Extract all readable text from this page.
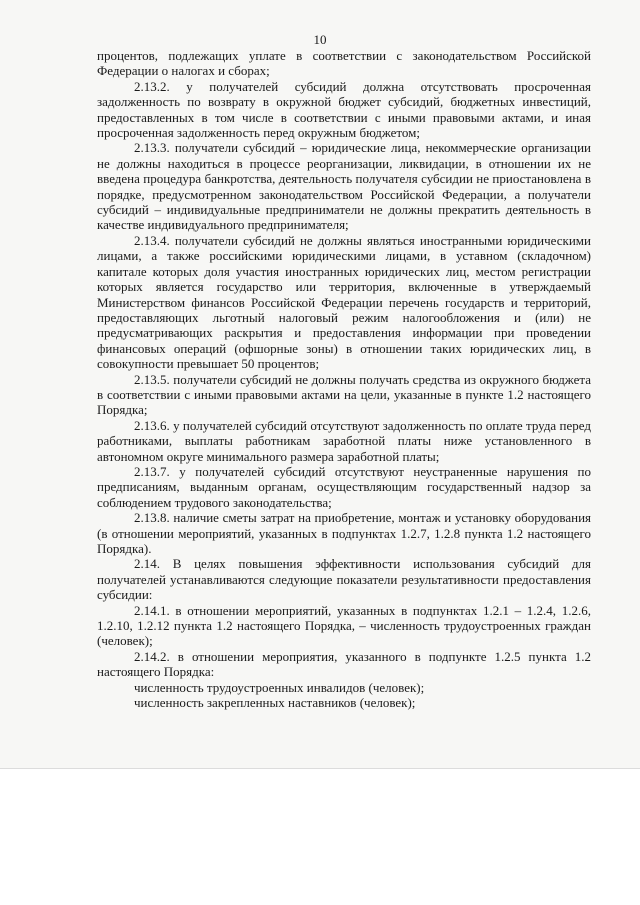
10

процентов, подлежащих уплате в соответствии с законодательством Российской Федерации о налогах и сборах;

2.13.2. у получателей субсидий должна отсутствовать просроченная задолженность по возврату в окружной бюджет субсидий, бюджетных инвестиций, предоставленных в том числе в соответствии с иными правовыми актами, и иная просроченная задолженность перед окружным бюджетом;

2.13.3. получатели субсидий – юридические лица, некоммерческие организации не должны находиться в процессе реорганизации, ликвидации, в отношении их не введена процедура банкротства, деятельность получателя субсидии не приостановлена в порядке, предусмотренном законодательством Российской Федерации, а получатели субсидий – индивидуальные предприниматели не должны прекратить деятельность в качестве индивидуального предпринимателя;

2.13.4. получатели субсидий не должны являться иностранными юридическими лицами, а также российскими юридическими лицами, в уставном (складочном) капитале которых доля участия иностранных юридических лиц, местом регистрации которых является государство или территория, включенные в утверждаемый Министерством финансов Российской Федерации перечень государств и территорий, предоставляющих льготный налоговый режим налогообложения и (или) не предусматривающих раскрытия и предоставления информации при проведении финансовых операций (офшорные зоны) в отношении таких юридических лиц, в совокупности превышает 50 процентов;

2.13.5. получатели субсидий не должны получать средства из окружного бюджета в соответствии с иными правовыми актами на цели, указанные в пункте 1.2 настоящего Порядка;

2.13.6. у получателей субсидий отсутствуют задолженность по оплате труда перед работниками, выплаты работникам заработной платы ниже установленного в автономном округе минимального размера заработной платы;

2.13.7. у получателей субсидий отсутствуют неустраненные нарушения по предписаниям, выданным органам, осуществляющим государственный надзор за соблюдением трудового законодательства;

2.13.8. наличие сметы затрат на приобретение, монтаж и установку оборудования (в отношении мероприятий, указанных в подпунктах 1.2.7, 1.2.8 пункта 1.2 настоящего Порядка).

2.14. В целях повышения эффективности использования субсидий для получателей устанавливаются следующие показатели результативности предоставления субсидии:

2.14.1. в отношении мероприятий, указанных в подпунктах 1.2.1 – 1.2.4, 1.2.6, 1.2.10, 1.2.12 пункта 1.2 настоящего Порядка, – численность трудоустроенных граждан (человек);

2.14.2. в отношении мероприятия, указанного в подпункте 1.2.5 пункта 1.2 настоящего Порядка:

численность трудоустроенных инвалидов (человек);

численность закрепленных наставников (человек);
